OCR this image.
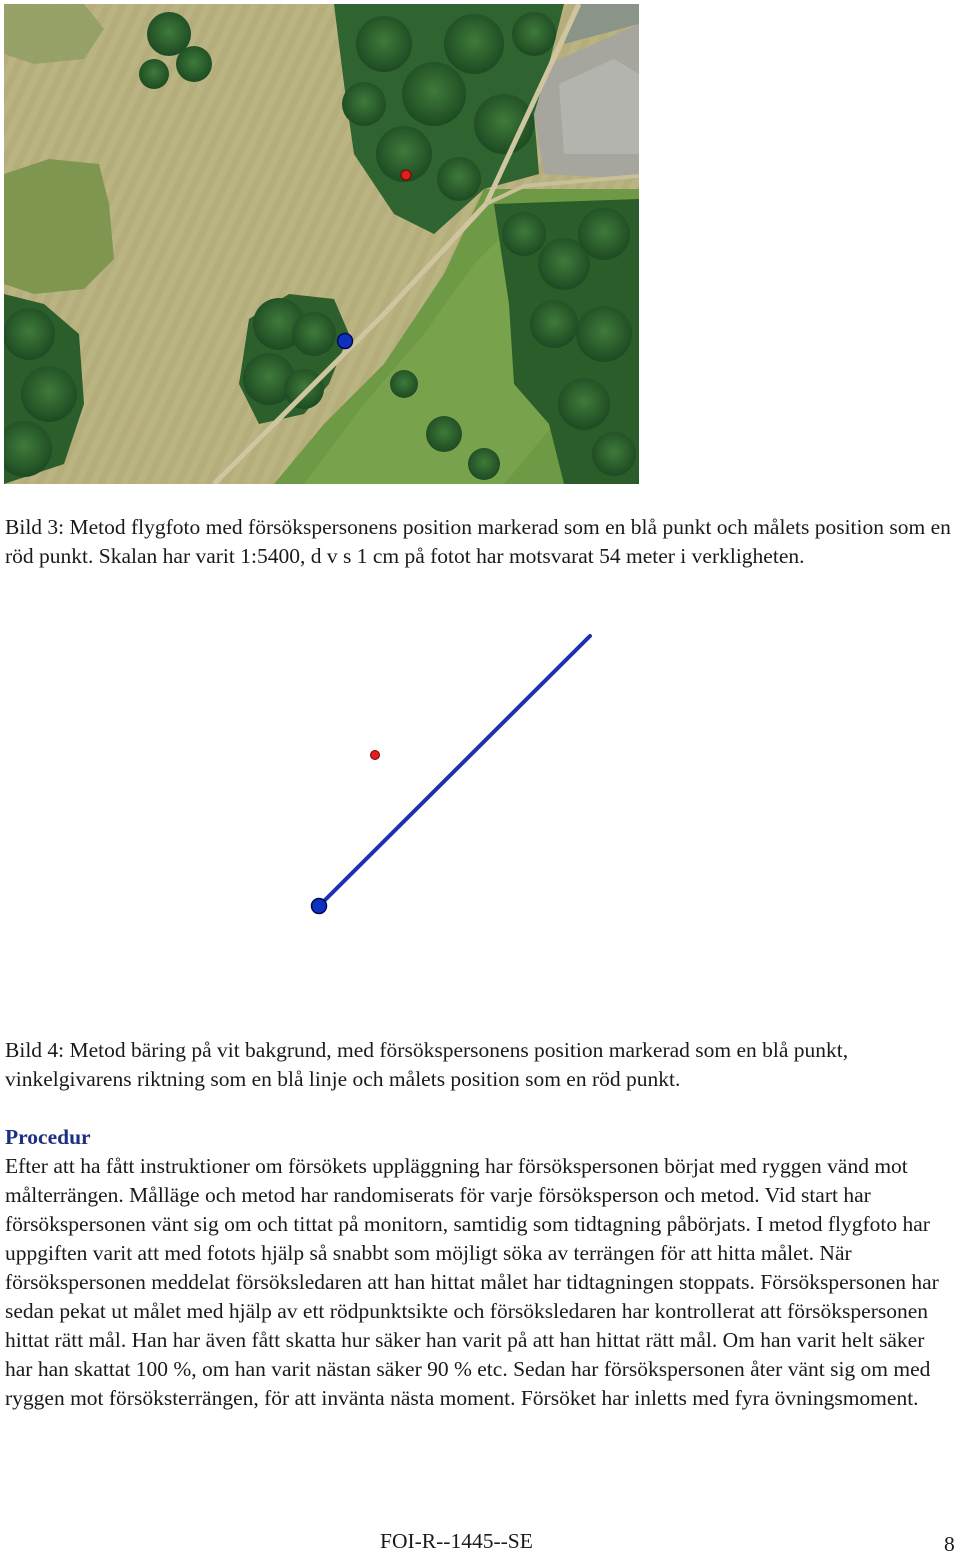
Bild 3: Metod flygfoto med försökspersonens position markerad som en blå punkt och målets position som en röd punkt. Skalan har varit 1:5400, d v s 1 cm på fotot har motsvarat 54 meter i verkligheten.

Bild 4: Metod bäring på vit bakgrund, med försökspersonens position markerad som en blå punkt, vinkelgivarens riktning som en blå linje och målets position som en röd punkt.

Procedur

Efter att ha fått instruktioner om försökets uppläggning har försökspersonen börjat med ryggen vänd mot målterrängen. Målläge och metod har randomiserats för varje försöksperson och metod. Vid start har försökspersonen vänt sig om och tittat på monitorn, samtidig som tidtagning påbörjats. I metod flygfoto har uppgiften varit att med fotots hjälp så snabbt som möjligt söka av terrängen för att hitta målet. När försökspersonen meddelat försöksledaren att han hittat målet har tidtagningen stoppats. Försökspersonen har sedan pekat ut målet med hjälp av ett rödpunktsikte och försöksledaren har kontrollerat att försökspersonen hittat rätt mål. Han har även fått skatta hur säker han varit på att han hittat rätt mål. Om han varit helt säker har han skattat 100 %, om han varit nästan säker 90 % etc. Sedan har försökspersonen åter vänt sig om med ryggen mot försöksterrängen, för att invänta nästa moment. Försöket har inletts med fyra övningsmoment.

FOI-R--1445--SE	8
